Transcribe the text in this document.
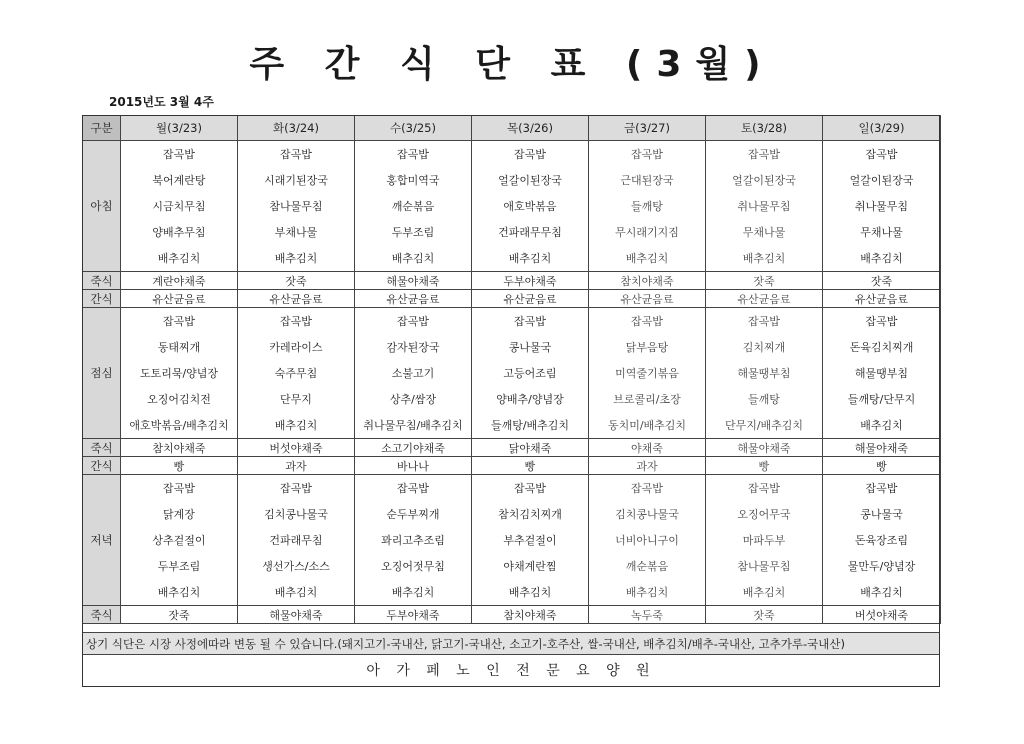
주 간 식 단 표 (3월)
2015년도 3월 4주
구분	월(3/23)	화(3/24)	수(3/25)	목(3/26)	금(3/27)	토(3/28)	일(3/29)
아침	잡곡밥	잡곡밥	잡곡밥	잡곡밥	잡곡밥	잡곡밥	잡곡밥
	북어계란탕	시래기된장국	홍합미역국	얼갈이된장국	근대된장국	얼갈이된장국	얼갈이된장국
	시금치무침	참나물무침	깨순볶음	애호박볶음	들깨탕	취나물무침	취나물무침
	양배추무침	부채나물	두부조림	건파래무무침	무시래기지짐	무채나물	무채나물
	배추김치	배추김치	배추김치	배추김치	배추김치	배추김치	배추김치
죽식	계란야채죽	잣죽	해물야채죽	두부야채죽	참치야채죽	잣죽	잣죽
간식	유산균음료	유산균음료	유산균음료	유산균음료	유산균음료	유산균음료	유산균음료
점심	잡곡밥	잡곡밥	잡곡밥	잡곡밥	잡곡밥	잡곡밥	잡곡밥
	동태찌개	카레라이스	감자된장국	콩나물국	닭부음탕	김치찌개	돈육김치찌개
	도토리묵/양념장	숙주무침	소불고기	고등어조림	미역줄기볶음	해물땡부침	해물땡부침
	오징어김치전	단무지	상추/쌈장	양배추/양념장	브로콜리/초장	들깨탕	들깨탕/단무지
	애호박볶음/배추김치	배추김치	취나물무침/배추김치	들깨탕/배추김치	동치미/배추김치	단무지/배추김치	배추김치
죽식	참치야채죽	버섯야채죽	소고기야채죽	닭야채죽	야채죽	해물야채죽	해물야채죽
간식	빵	과자	바나나	빵	과자	빵	빵
저녁	잡곡밥	잡곡밥	잡곡밥	잡곡밥	잡곡밥	잡곡밥	잡곡밥
	닭계장	김치콩나물국	순두부찌개	참치김치찌개	김치콩나물국	오징어무국	콩나물국
	상추겉절이	건파래무침	꽈리고추조림	부추겉절이	너비아니구이	마파두부	돈육장조림
	두부조림	생선가스/소스	오징어젓무침	야채계란찜	깨순볶음	참나물무침	물만두/양념장
	배추김치	배추김치	배추김치	배추김치	배추김치	배추김치	배추김치
죽식	잣죽	해물야채죽	두부야채죽	참치야채죽	녹두죽	잣죽	버섯야채죽
상기 식단은 시장 사정에따라 변동 될 수 있습니다.(돼지고기-국내산, 닭고기-국내산, 소고기-호주산, 쌀-국내산, 배추김치/배추-국내산, 고추가루-국내산)
아 가 페 노 인 전 문 요 양 원
